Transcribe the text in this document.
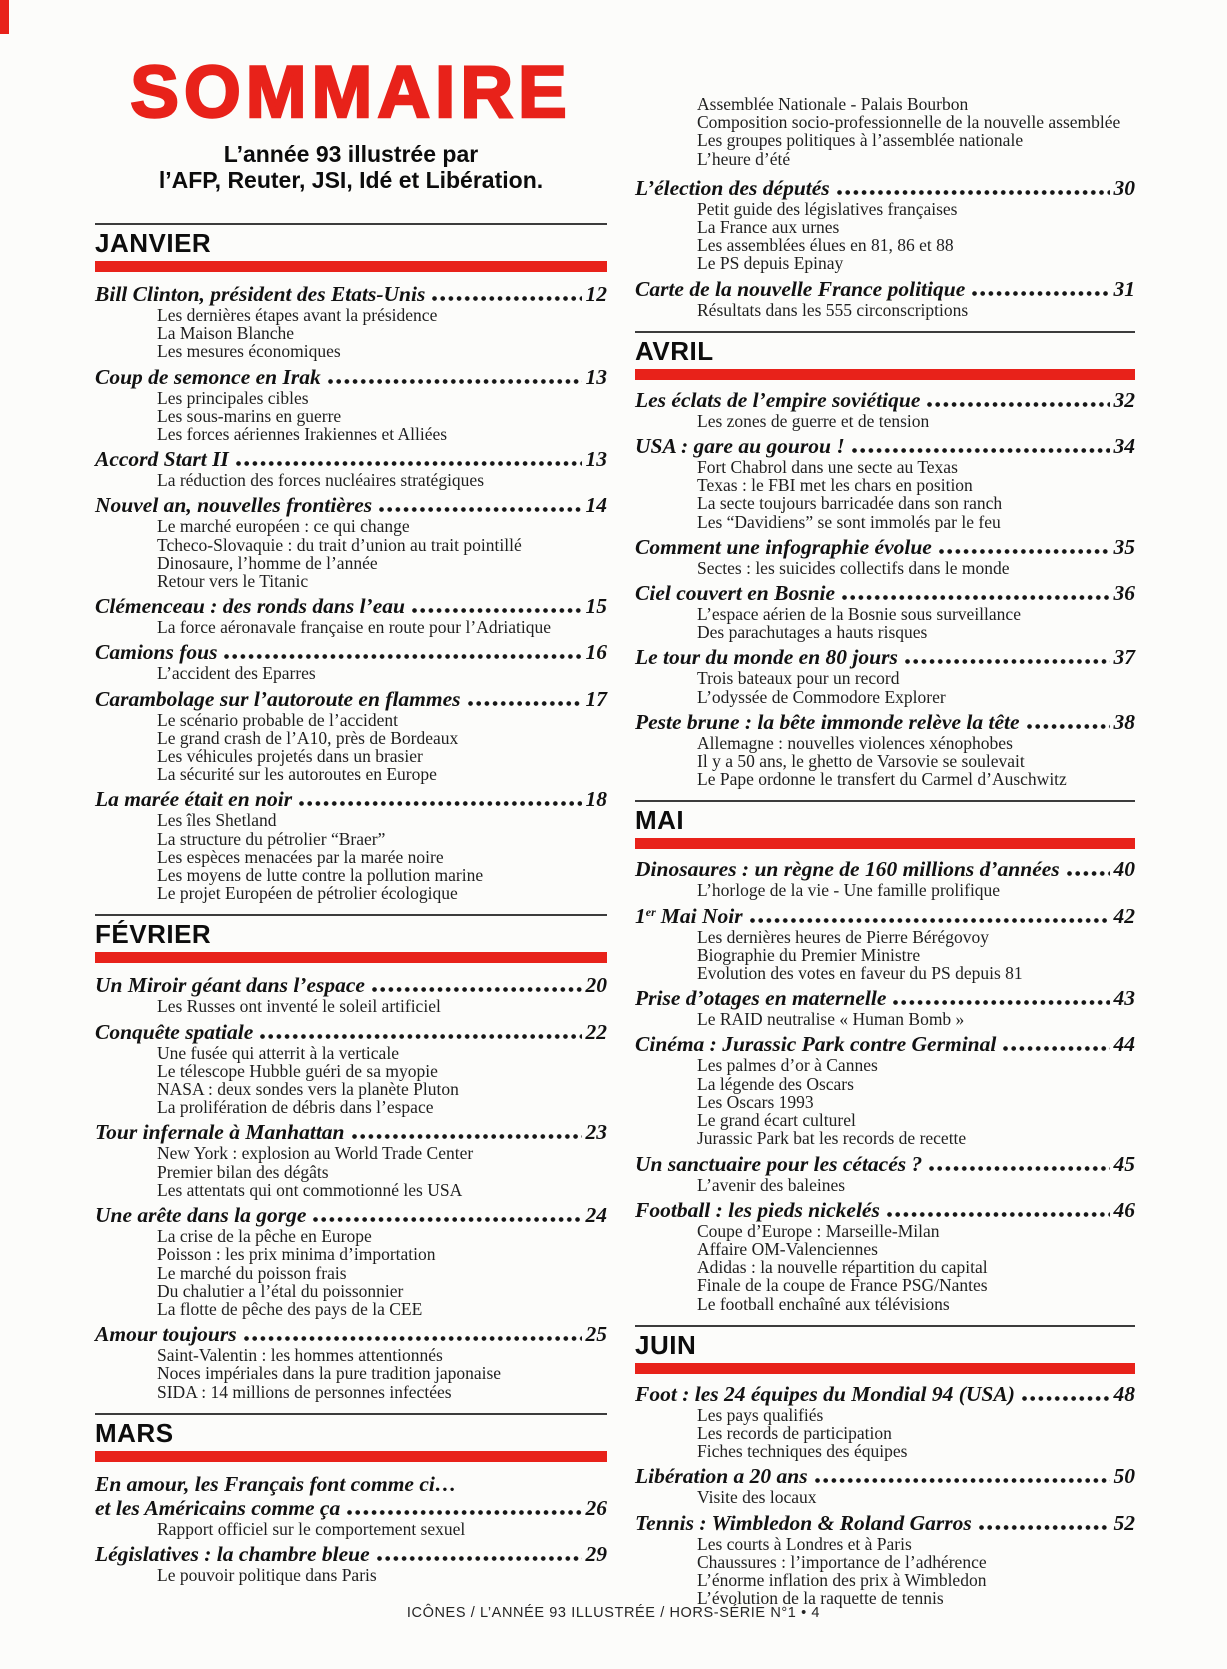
SOMMAIRE
L’année 93 illustrée par
l’AFP, Reuter, JSI, Idé et Libération.
JANVIER
Bill Clinton, président des Etats-Unis	12
Les dernières étapes avant la présidence
La Maison Blanche
Les mesures économiques
Coup de semonce en Irak	13
Les principales cibles
Les sous-marins en guerre
Les forces aériennes Irakiennes et Alliées
Accord Start II	13
La réduction des forces nucléaires stratégiques
Nouvel an, nouvelles frontières	14
Le marché européen : ce qui change
Tcheco-Slovaquie : du trait d’union au trait pointillé
Dinosaure, l’homme de l’année
Retour vers le Titanic
Clémenceau : des ronds dans l’eau	15
La force aéronavale française en route pour l’Adriatique
Camions fous	16
L’accident des Eparres
Carambolage sur l’autoroute en flammes	17
Le scénario probable de l’accident
Le grand crash de l’A10, près de Bordeaux
Les véhicules projetés dans un brasier
La sécurité sur les autoroutes en Europe
La marée était en noir	18
Les îles Shetland
La structure du pétrolier “Braer”
Les espèces menacées par la marée noire
Les moyens de lutte contre la pollution marine
Le projet Européen de pétrolier écologique
FÉVRIER
Un Miroir géant dans l’espace	20
Les Russes ont inventé le soleil artificiel
Conquête spatiale	22
Une fusée qui atterrit à la verticale
Le télescope Hubble guéri de sa myopie
NASA : deux sondes vers la planète Pluton
La prolifération de débris dans l’espace
Tour infernale à Manhattan	23
New York : explosion au World Trade Center
Premier bilan des dégâts
Les attentats qui ont commotionné les USA
Une arête dans la gorge	24
La crise de la pêche en Europe
Poisson : les prix minima d’importation
Le marché du poisson frais
Du chalutier a l’étal du poissonnier
La flotte de pêche des pays de la CEE
Amour toujours	25
Saint-Valentin : les hommes attentionnés
Noces impériales dans la pure tradition japonaise
SIDA : 14 millions de personnes infectées
MARS
En amour, les Français font comme ci…
et les Américains comme ça	26
Rapport officiel sur le comportement sexuel
Législatives : la chambre bleue	29
Le pouvoir politique dans Paris
Assemblée Nationale - Palais Bourbon
Composition socio-professionnelle de la nouvelle assemblée
Les groupes politiques à l’assemblée nationale
L’heure d’été
L’élection des députés	30
Petit guide des législatives françaises
La France aux urnes
Les assemblées élues en 81, 86 et 88
Le PS depuis Epinay
Carte de la nouvelle France politique	31
Résultats dans les 555 circonscriptions
AVRIL
Les éclats de l’empire soviétique	32
Les zones de guerre et de tension
USA : gare au gourou !	34
Fort Chabrol dans une secte au Texas
Texas : le FBI met les chars en position
La secte toujours barricadée dans son ranch
Les “Davidiens” se sont immolés par le feu
Comment une infographie évolue	35
Sectes : les suicides collectifs dans le monde
Ciel couvert en Bosnie	36
L’espace aérien de la Bosnie sous surveillance
Des parachutages a hauts risques
Le tour du monde en 80 jours	37
Trois bateaux pour un record
L’odyssée de Commodore Explorer
Peste brune : la bête immonde relève la tête	38
Allemagne : nouvelles violences xénophobes
Il y a 50 ans, le ghetto de Varsovie se soulevait
Le Pape ordonne le transfert du Carmel d’Auschwitz
MAI
Dinosaures : un règne de 160 millions d’années	40
L’horloge de la vie - Une famille prolifique
1er Mai Noir	42
Les dernières heures de Pierre Bérégovoy
Biographie du Premier Ministre
Evolution des votes en faveur du PS depuis 81
Prise d’otages en maternelle	43
Le RAID neutralise « Human Bomb »
Cinéma : Jurassic Park contre Germinal	44
Les palmes d’or à Cannes
La légende des Oscars
Les Oscars 1993
Le grand écart culturel
Jurassic Park bat les records de recette
Un sanctuaire pour les cétacés ?	45
L’avenir des baleines
Football : les pieds nickelés	46
Coupe d’Europe : Marseille-Milan
Affaire OM-Valenciennes
Adidas : la nouvelle répartition du capital
Finale de la coupe de France PSG/Nantes
Le football enchaîné aux télévisions
JUIN
Foot : les 24 équipes du Mondial 94 (USA)	48
Les pays qualifiés
Les records de participation
Fiches techniques des équipes
Libération a 20 ans	50
Visite des locaux
Tennis : Wimbledon & Roland Garros	52
Les courts à Londres et à Paris
Chaussures : l’importance de l’adhérence
L’énorme inflation des prix à Wimbledon
L’évolution de la raquette de tennis
ICÔNES / L’ANNÉE 93 ILLUSTRÉE / HORS-SÉRIE N°1 • 4
